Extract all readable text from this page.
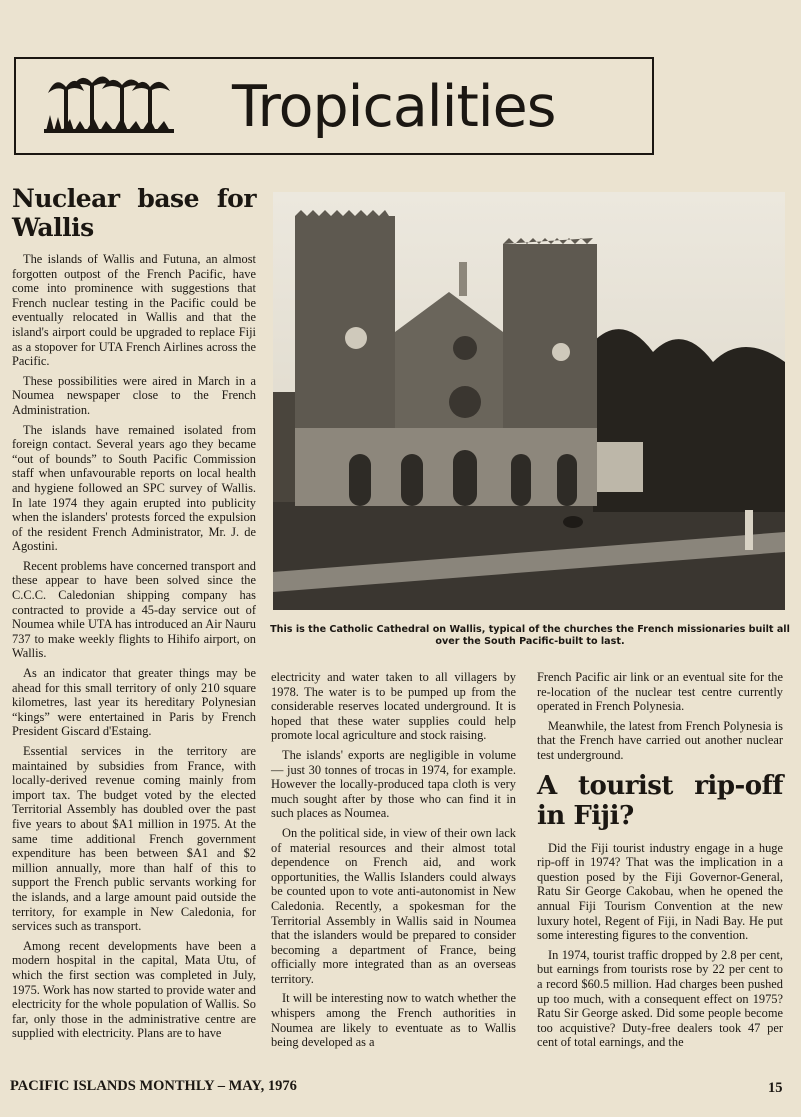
Tropicalities
Nuclear base for Wallis

The islands of Wallis and Futuna, an almost forgotten outpost of the French Pacific, have come into prominence with suggestions that French nuclear testing in the Pacific could be eventually relocated in Wallis and that the island's airport could be upgraded to replace Fiji as a stopover for UTA French Airlines across the Pacific.

These possibilities were aired in March in a Noumea newspaper close to the French Administration.

The islands have remained isolated from foreign contact. Several years ago they became “out of bounds” to South Pacific Commission staff when unfavourable reports on local health and hygiene followed an SPC survey of Wallis. In late 1974 they again erupted into publicity when the islanders' protests forced the expulsion of the resident French Administrator, Mr. J. de Agostini.

Recent problems have concerned transport and these appear to have been solved since the C.C.C. Caledonian shipping company has contracted to provide a 45-day service out of Noumea while UTA has introduced an Air Nauru 737 to make weekly flights to Hihifo airport, on Wallis.

As an indicator that greater things may be ahead for this small territory of only 210 square kilometres, last year its hereditary Polynesian “kings” were entertained in Paris by French President Giscard d'Estaing.

Essential services in the territory are maintained by subsidies from France, with locally-derived revenue coming mainly from import tax. The budget voted by the elected Territorial Assembly has doubled over the past five years to about $A1 million in 1975. At the same time additional French government expenditure has been between $A1 and $2 million annually, more than half of this to support the French public servants working for the islands, and a large amount paid outside the territory, for example in New Caledonia, for services such as transport.

Among recent developments have been a modern hospital in the capital, Mata Utu, of which the first section was completed in July, 1975. Work has now started to provide water and electricity for the whole population of Wallis. So far, only those in the administrative centre are supplied with electricity. Plans are to have

This is the Catholic Cathedral on Wallis, typical of the churches the French missionaries built all over the South Pacific-built to last.

electricity and water taken to all villagers by 1978. The water is to be pumped up from the considerable reserves located underground. It is hoped that these water supplies could help promote local agriculture and stock raising.

The islands' exports are negligible in volume — just 30 tonnes of trocas in 1974, for example. However the locally-produced tapa cloth is very much sought after by those who can find it in such places as Noumea.

On the political side, in view of their own lack of material resources and their almost total dependence on French aid, and work opportunities, the Wallis Islanders could always be counted upon to vote anti-autonomist in New Caledonia. Recently, a spokesman for the Territorial Assembly in Wallis said in Noumea that the islanders would be prepared to consider becoming a department of France, being officially more integrated than as an overseas territory.

It will be interesting now to watch whether the whispers among the French authorities in Noumea are likely to eventuate as to Wallis being developed as a

French Pacific air link or an eventual site for the re-location of the nuclear test centre currently operated in French Polynesia.

Meanwhile, the latest from French Polynesia is that the French have carried out another nuclear test underground.

A tourist rip-off in Fiji?

Did the Fiji tourist industry engage in a huge rip-off in 1974? That was the implication in a question posed by the Fiji Governor-General, Ratu Sir George Cakobau, when he opened the annual Fiji Tourism Convention at the new luxury hotel, Regent of Fiji, in Nadi Bay. He put some interesting figures to the convention.

In 1974, tourist traffic dropped by 2.8 per cent, but earnings from tourists rose by 22 per cent to a record $60.5 million. Had charges been pushed up too much, with a consequent effect on 1975? Ratu Sir George asked. Did some people become too acquistive? Duty-free dealers took 47 per cent of total earnings, and the

PACIFIC ISLANDS MONTHLY – MAY, 1976	15
